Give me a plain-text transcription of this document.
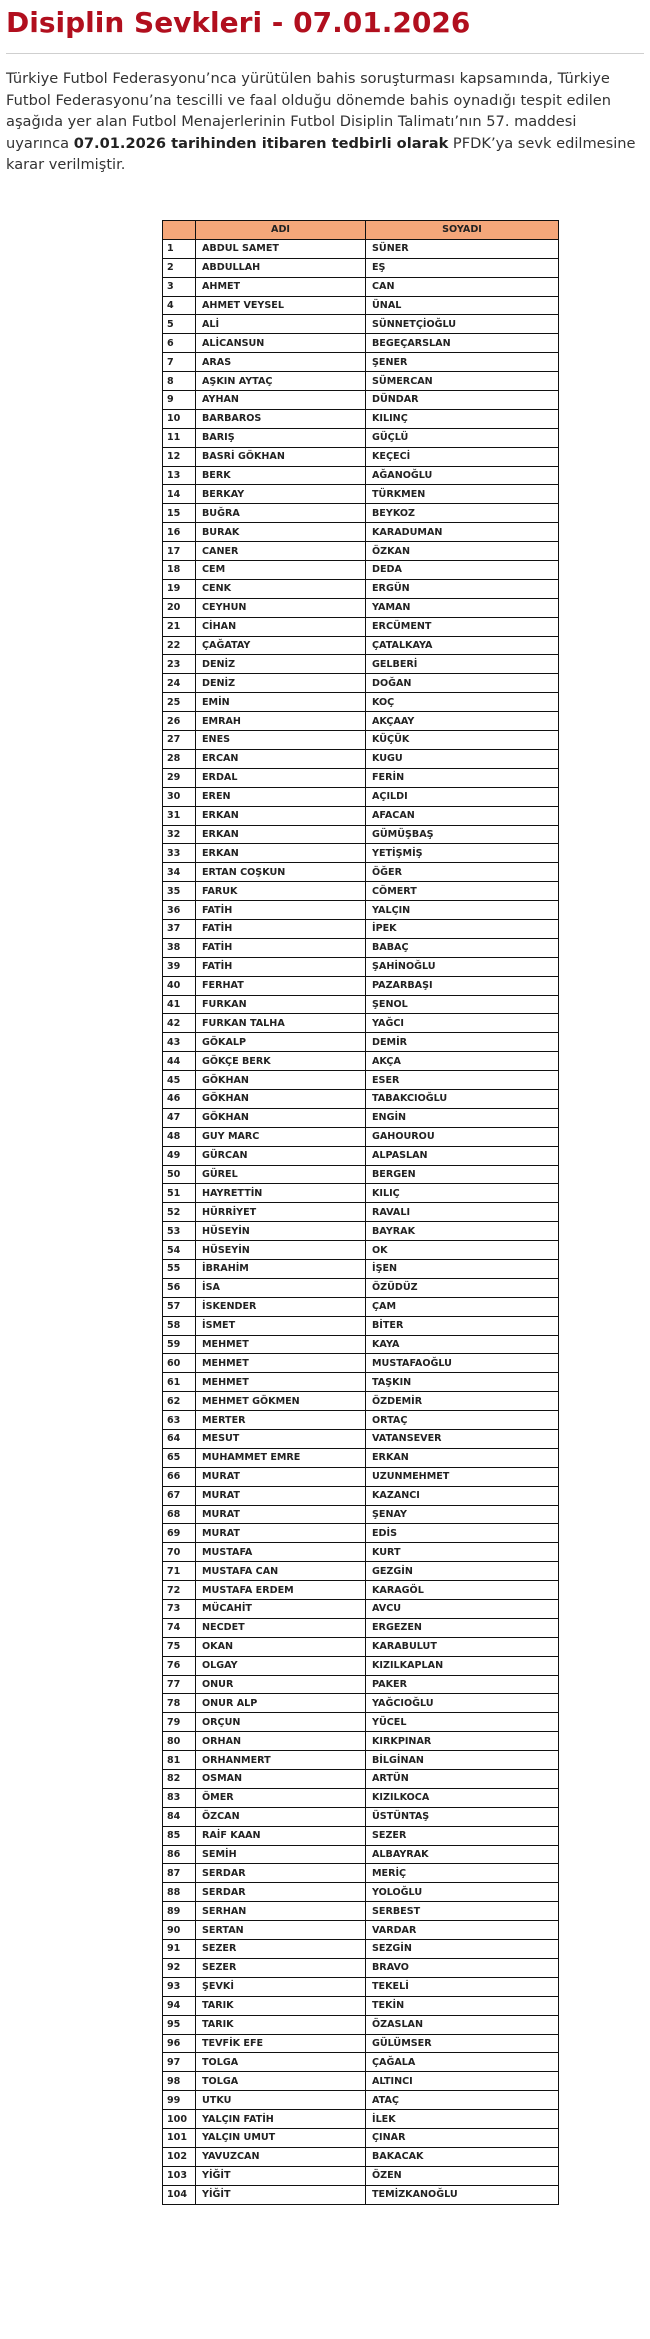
Disiplin Sevkleri - 07.01.2026

Türkiye Futbol Federasyonu’nca yürütülen bahis soruşturması kapsamında, Türkiye Futbol Federasyonu’na tescilli ve faal olduğu dönemde bahis oynadığı tespit edilen aşağıda yer alan Futbol Menajerlerinin Futbol Disiplin Talimatı’nın 57. maddesi uyarınca 07.01.2026 tarihinden itibaren tedbirli olarak PFDK’ya sevk edilmesine karar verilmiştir.

	ADI	SOYADI
1	ABDUL SAMET	SÜNER
2	ABDULLAH	EŞ
3	AHMET	CAN
4	AHMET VEYSEL	ÜNAL
5	ALİ	SÜNNETÇİOĞLU
6	ALİCANSUN	BEGEÇARSLAN
7	ARAS	ŞENER
8	AŞKIN AYTAÇ	SÜMERCAN
9	AYHAN	DÜNDAR
10	BARBAROS	KILINÇ
11	BARIŞ	GÜÇLÜ
12	BASRİ GÖKHAN	KEÇECİ
13	BERK	AĞANOĞLU
14	BERKAY	TÜRKMEN
15	BUĞRA	BEYKOZ
16	BURAK	KARADUMAN
17	CANER	ÖZKAN
18	CEM	DEDA
19	CENK	ERGÜN
20	CEYHUN	YAMAN
21	CİHAN	ERCÜMENT
22	ÇAĞATAY	ÇATALKAYA
23	DENİZ	GELBERİ
24	DENİZ	DOĞAN
25	EMİN	KOÇ
26	EMRAH	AKÇAAY
27	ENES	KÜÇÜK
28	ERCAN	KUGU
29	ERDAL	FERİN
30	EREN	AÇILDI
31	ERKAN	AFACAN
32	ERKAN	GÜMÜŞBAŞ
33	ERKAN	YETİŞMİŞ
34	ERTAN COŞKUN	ÖĞER
35	FARUK	CÖMERT
36	FATİH	YALÇIN
37	FATİH	İPEK
38	FATİH	BABAÇ
39	FATİH	ŞAHİNOĞLU
40	FERHAT	PAZARBAŞI
41	FURKAN	ŞENOL
42	FURKAN TALHA	YAĞCI
43	GÖKALP	DEMİR
44	GÖKÇE BERK	AKÇA
45	GÖKHAN	ESER
46	GÖKHAN	TABAKCIOĞLU
47	GÖKHAN	ENGİN
48	GUY MARC	GAHOUROU
49	GÜRCAN	ALPASLAN
50	GÜREL	BERGEN
51	HAYRETTİN	KILIÇ
52	HÜRRİYET	RAVALI
53	HÜSEYİN	BAYRAK
54	HÜSEYİN	OK
55	İBRAHİM	İŞEN
56	İSA	ÖZÜDÜZ
57	İSKENDER	ÇAM
58	İSMET	BİTER
59	MEHMET	KAYA
60	MEHMET	MUSTAFAOĞLU
61	MEHMET	TAŞKIN
62	MEHMET GÖKMEN	ÖZDEMİR
63	MERTER	ORTAÇ
64	MESUT	VATANSEVER
65	MUHAMMET EMRE	ERKAN
66	MURAT	UZUNMEHMET
67	MURAT	KAZANCI
68	MURAT	ŞENAY
69	MURAT	EDİS
70	MUSTAFA	KURT
71	MUSTAFA CAN	GEZGİN
72	MUSTAFA ERDEM	KARAGÖL
73	MÜCAHİT	AVCU
74	NECDET	ERGEZEN
75	OKAN	KARABULUT
76	OLGAY	KIZILKAPLAN
77	ONUR	PAKER
78	ONUR ALP	YAĞCIOĞLU
79	ORÇUN	YÜCEL
80	ORHAN	KIRKPINAR
81	ORHANMERT	BİLGİNAN
82	OSMAN	ARTÜN
83	ÖMER	KIZILKOCA
84	ÖZCAN	ÜSTÜNTAŞ
85	RAİF KAAN	SEZER
86	SEMİH	ALBAYRAK
87	SERDAR	MERİÇ
88	SERDAR	YOLOĞLU
89	SERHAN	SERBEST
90	SERTAN	VARDAR
91	SEZER	SEZGİN
92	SEZER	BRAVO
93	ŞEVKİ	TEKELİ
94	TARIK	TEKİN
95	TARIK	ÖZASLAN
96	TEVFİK EFE	GÜLÜMSER
97	TOLGA	ÇAĞALA
98	TOLGA	ALTINCI
99	UTKU	ATAÇ
100	YALÇIN FATİH	İLEK
101	YALÇIN UMUT	ÇINAR
102	YAVUZCAN	BAKACAK
103	YİĞİT	ÖZEN
104	YİĞİT	TEMİZKANOĞLU
